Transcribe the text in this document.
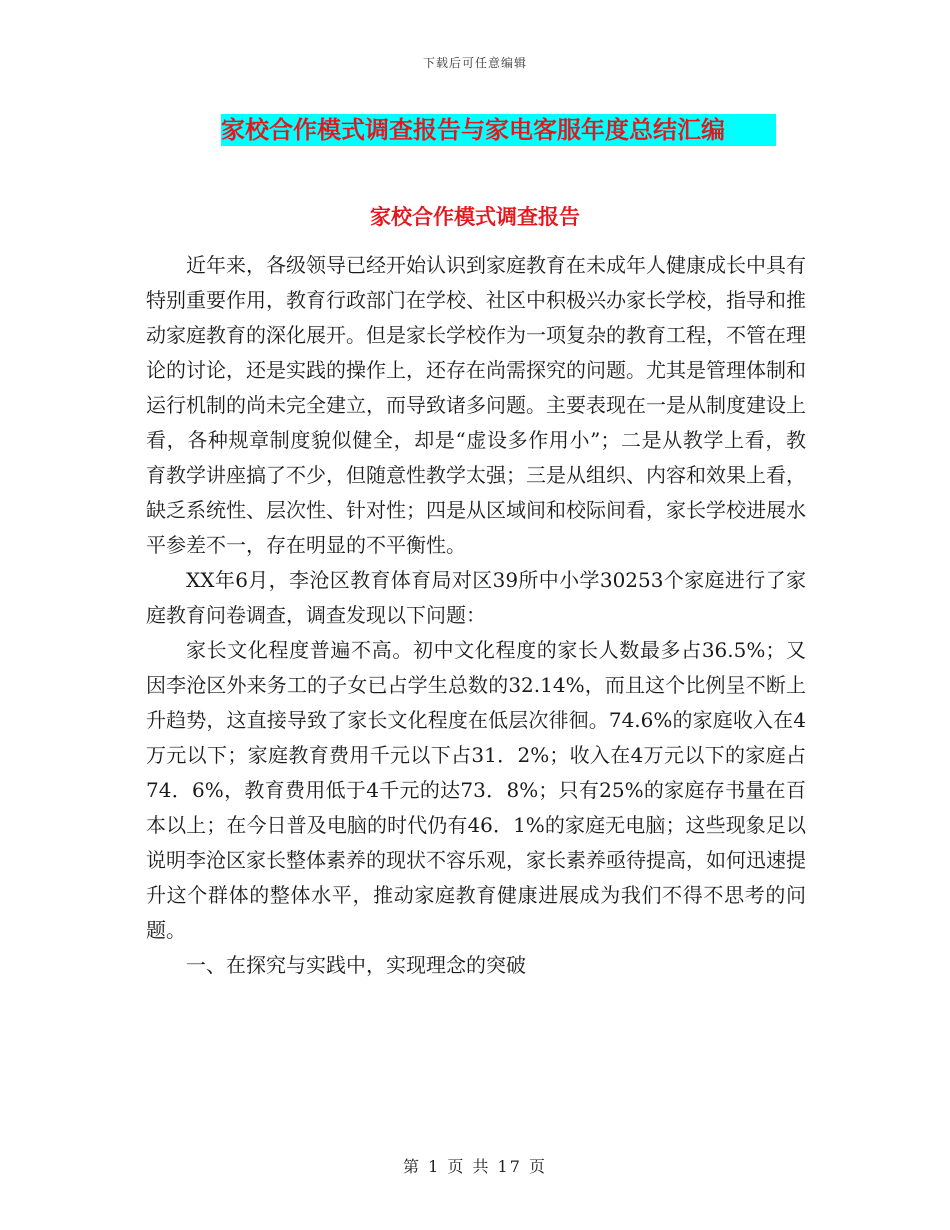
下载后可任意编辑
家校合作模式调查报告与家电客服年度总结汇编
家校合作模式调查报告

近年来，各级领导已经开始认识到家庭教育在未成年人健康成长中具有特别重要作用，教育行政部门在学校、社区中积极兴办家长学校，指导和推动家庭教育的深化展开。但是家长学校作为一项复杂的教育工程，不管在理论的讨论，还是实践的操作上，还存在尚需探究的问题。尤其是管理体制和运行机制的尚未完全建立，而导致诸多问题。主要表现在一是从制度建设上看，各种规章制度貌似健全，却是“虚设多作用小”；二是从教学上看，教育教学讲座搞了不少，但随意性教学太强；三是从组织、内容和效果上看，缺乏系统性、层次性、针对性；四是从区域间和校际间看，家长学校进展水平参差不一，存在明显的不平衡性。

XX年6月，李沧区教育体育局对区39所中小学30253个家庭进行了家庭教育问卷调查，调查发现以下问题：

家长文化程度普遍不高。初中文化程度的家长人数最多占36.5%；又因李沧区外来务工的子女已占学生总数的32.14%，而且这个比例呈不断上升趋势，这直接导致了家长文化程度在低层次徘徊。74.6%的家庭收入在4万元以下；家庭教育费用千元以下占31．2%；收入在4万元以下的家庭占74．6%，教育费用低于4千元的达73．8%；只有25%的家庭存书量在百本以上；在今日普及电脑的时代仍有46．1%的家庭无电脑；这些现象足以说明李沧区家长整体素养的现状不容乐观，家长素养亟待提高，如何迅速提升这个群体的整体水平，推动家庭教育健康进展成为我们不得不思考的问题。

一、在探究与实践中，实现理念的突破

第 1 页 共 17 页
